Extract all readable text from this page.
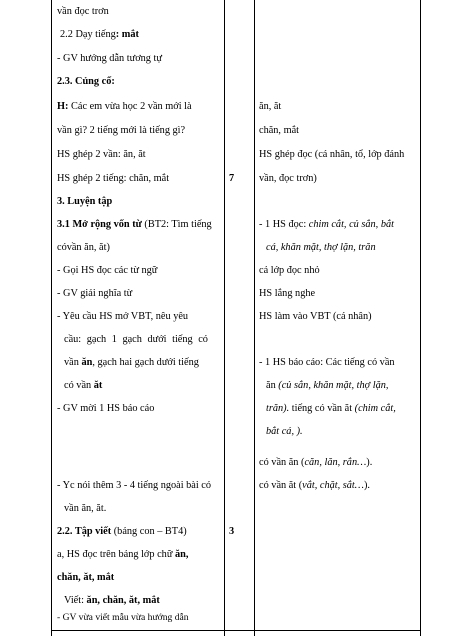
vần đọc trơn
2.2 Dạy tiếng: mắt
- GV hướng dẫn tương tự
2.3. Củng cố:
H: Các em vừa học 2 vần mới là
vần gì? 2 tiếng mới là tiếng gì?
HS ghép 2 vần: ăn, ăt
HS ghép 2 tiếng: chăn, mắt
3. Luyện tập
3.1 Mở rộng vốn từ (BT2: Tìm tiếng
cóvần ăn, ăt)
- Gọi HS đọc các từ ngữ
- GV giải nghĩa từ
- Yêu cầu HS mở VBT, nêu yêu
cầu: gạch 1 gạch dưới tiếng có
vần ăn, gạch hai gạch dưới tiếng
có vần ăt
- GV mời 1 HS báo cáo
- Yc nói thêm 3 - 4 tiếng ngoài bài có
vần ăn, ăt.
2.2. Tập viết (bảng con – BT4)
a, HS đọc trên bảng lớp chữ ăn,
chăn, ăt, mắt
Viết: ăn, chăn, ăt, mắt
- GV vừa viết mẫu vừa hướng dẫn
7
3
ăn, ăt
chăn, mắt
HS ghép đọc (cá nhân, tổ, lớp đánh
vần, đọc trơn)
- 1 HS đọc: chim cắt, củ sắn, bắt
cá, khăn mặt, thợ lặn, trăn
cả lớp đọc nhỏ
HS lắng nghe
HS làm vào VBT (cá nhân)
- 1 HS báo cáo: Các tiếng có vần
ăn (củ sắn, khăn mặt, thợ lặn,
trăn). tiếng có vần ăt (chim cắt,
bắt cá, ).
có vần ăn (căn, lăn, rắn…).
có vần ăt (vắt, chặt, sắt…).
